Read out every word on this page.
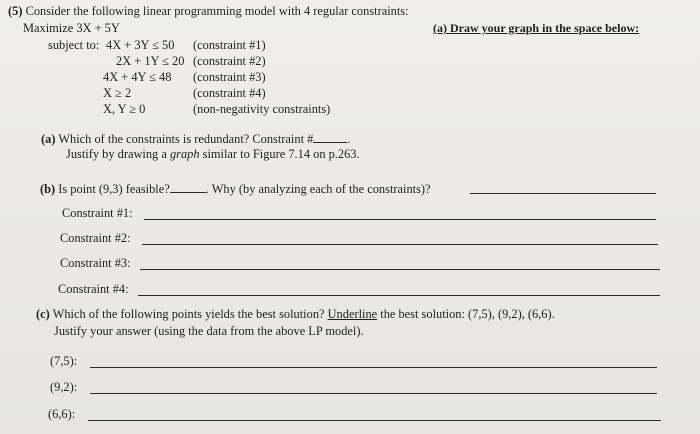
(5) Consider the following linear programming model with 4 regular constraints:
Maximize 3X + 5Y	(a) Draw your graph in the space below:
subject to: 4X + 3Y ≤ 50 (constraint #1)
2X + 1Y ≤ 20 (constraint #2)
4X + 4Y ≤ 48 (constraint #3)
X ≥ 2	(constraint #4)
X, Y ≥ 0	(non-negativity constraints)
(a) Which of the constraints is redundant? Constraint #	.
Justify by drawing a graph similar to Figure 7.14 on p.263.
(b) Is point (9,3) feasible?	. Why (by analyzing each of the constraints)?
Constraint #1:
Constraint #2:
Constraint #3:
Constraint #4:
(c) Which of the following points yields the best solution? Underline the best solution: (7,5), (9,2), (6,6).
Justify your answer (using the data from the above LP model).
(7,5):
(9,2):
(6,6):
